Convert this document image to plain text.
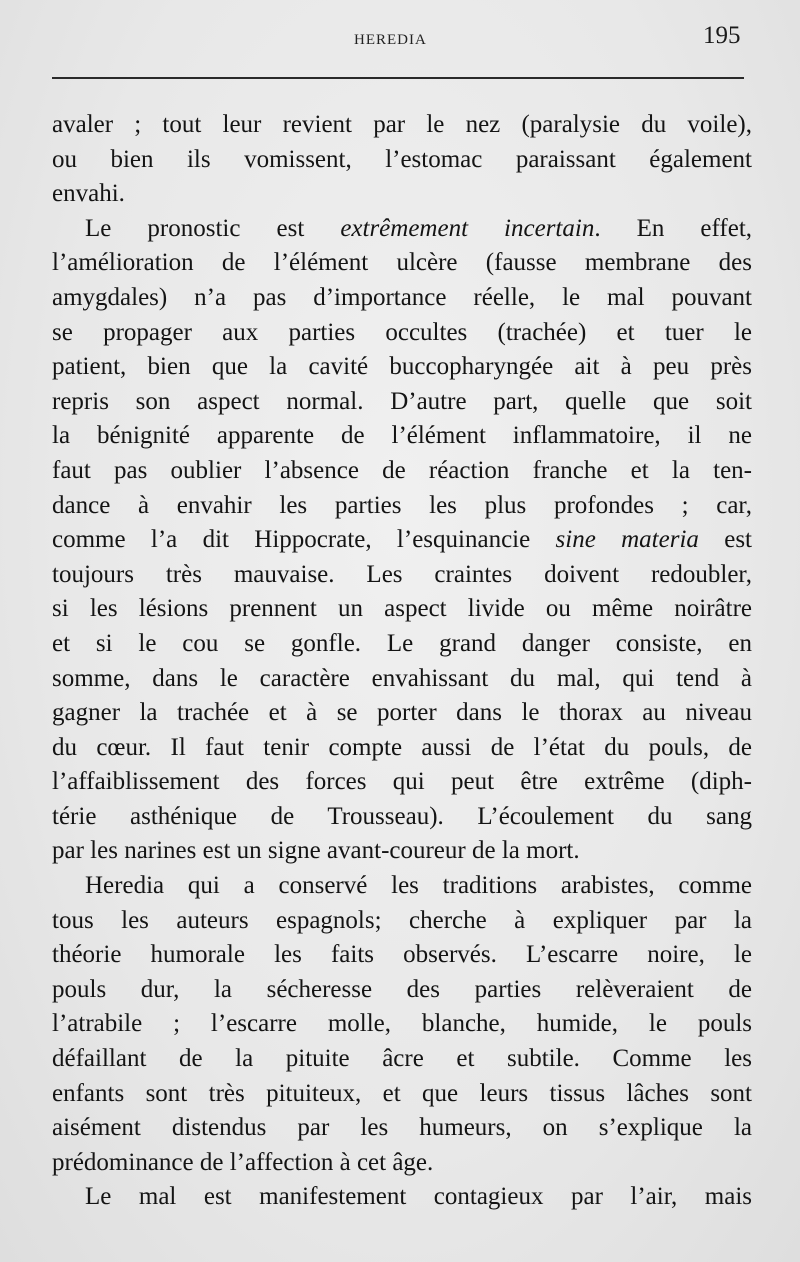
HEREDIA	195
avaler ; tout leur revient par le nez (paralysie du voile),
ou bien ils vomissent, l’estomac paraissant également
envahi.
Le pronostic est extrêmement incertain. En effet,
l’amélioration de l’élément ulcère (fausse membrane des
amygdales) n’a pas d’importance réelle, le mal pouvant
se propager aux parties occultes (trachée) et tuer le
patient, bien que la cavité buccopharyngée ait à peu près
repris son aspect normal. D’autre part, quelle que soit
la bénignité apparente de l’élément inflammatoire, il ne
faut pas oublier l’absence de réaction franche et la ten-
dance à envahir les parties les plus profondes ; car,
comme l’a dit Hippocrate, l’esquinancie sine materia est
toujours très mauvaise. Les craintes doivent redoubler,
si les lésions prennent un aspect livide ou même noirâtre
et si le cou se gonfle. Le grand danger consiste, en
somme, dans le caractère envahissant du mal, qui tend à
gagner la trachée et à se porter dans le thorax au niveau
du cœur. Il faut tenir compte aussi de l’état du pouls, de
l’affaiblissement des forces qui peut être extrême (diph-
térie asthénique de Trousseau). L’écoulement du sang
par les narines est un signe avant-coureur de la mort.
Heredia qui a conservé les traditions arabistes, comme
tous les auteurs espagnols; cherche à expliquer par la
théorie humorale les faits observés. L’escarre noire, le
pouls dur, la sécheresse des parties relèveraient de
l’atrabile ; l’escarre molle, blanche, humide, le pouls
défaillant de la pituite âcre et subtile. Comme les
enfants sont très pituiteux, et que leurs tissus lâches sont
aisément distendus par les humeurs, on s’explique la
prédominance de l’affection à cet âge.
Le mal est manifestement contagieux par l’air, mais
